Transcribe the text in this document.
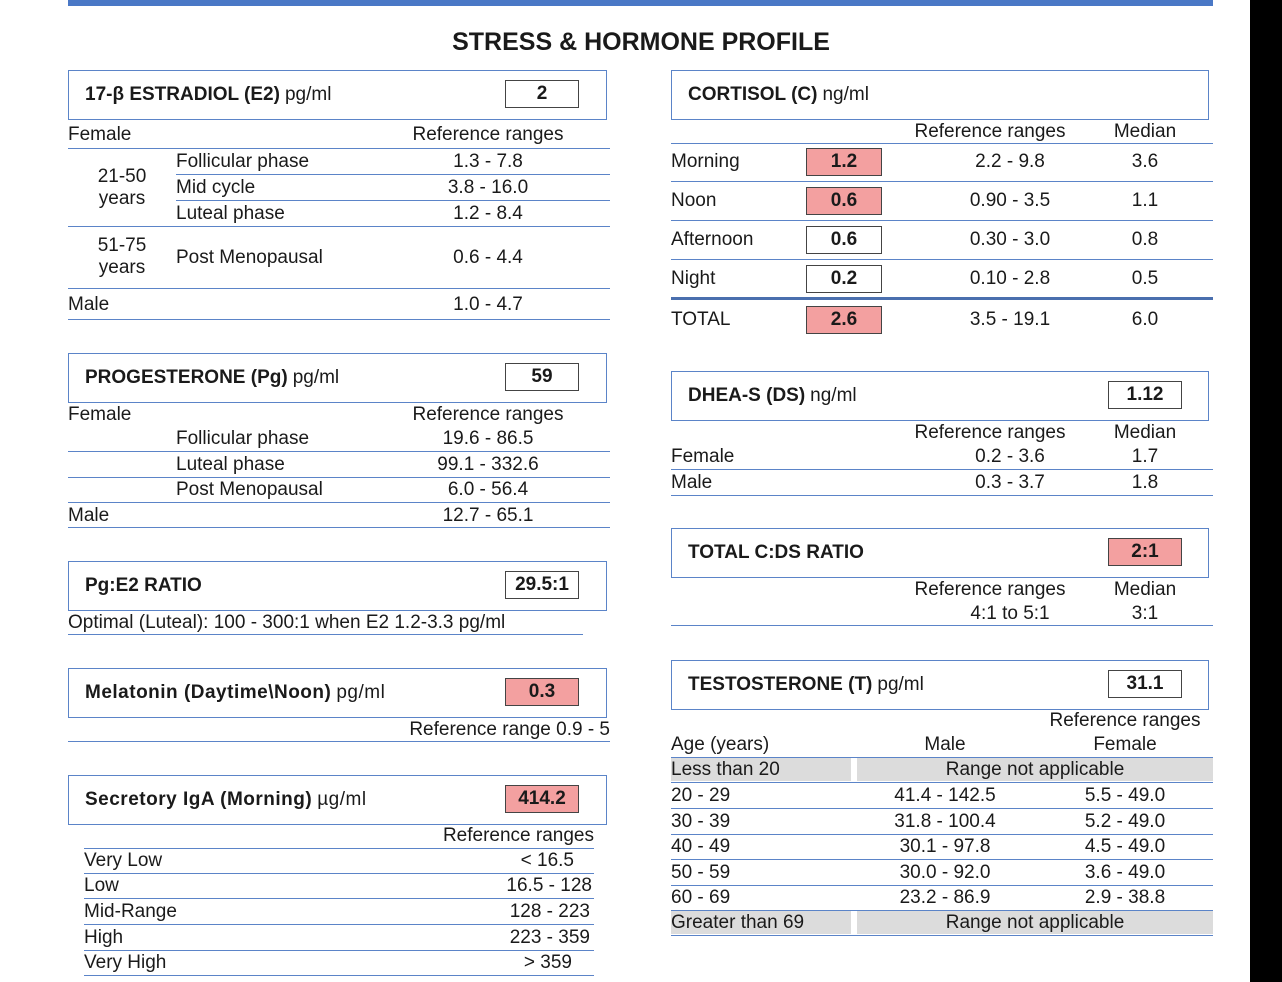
STRESS & HORMONE PROFILE
17-β ESTRADIOL (E2) pg/ml	2
Female	Reference ranges
21-50
years
Follicular phase	1.3 - 7.8
Mid cycle	3.8 - 16.0
Luteal phase	1.2 - 8.4
51-75
years	Post Menopausal	0.6 - 4.4
Male	1.0 - 4.7
PROGESTERONE (Pg) pg/ml	59
Female	Reference ranges
Follicular phase	19.6 - 86.5
Luteal phase	99.1 - 332.6
Post Menopausal	6.0 - 56.4
Male	12.7 - 65.1
Pg:E2 RATIO	29.5:1
Optimal (Luteal): 100 - 300:1 when E2 1.2-3.3 pg/ml
Melatonin (Daytime\Noon) pg/ml	0.3
Reference range 0.9 - 5
Secretory IgA (Morning) µg/ml	414.2
Reference ranges
Very Low	< 16.5
Low	16.5 - 128
Mid-Range	128 - 223
High	223 - 359
Very High	> 359
CORTISOL (C) ng/ml
Reference ranges	Median
Morning	1.2	2.2 - 9.8	3.6
Noon	0.6	0.90 - 3.5	1.1
Afternoon	0.6	0.30 - 3.0	0.8
Night	0.2	0.10 - 2.8	0.5
TOTAL	2.6	3.5 - 19.1	6.0
DHEA-S (DS) ng/ml	1.12
Reference ranges	Median
Female	0.2 - 3.6	1.7
Male	0.3 - 3.7	1.8
TOTAL C:DS RATIO	2:1
Reference ranges	Median
4:1 to 5:1	3:1
TESTOSTERONE (T) pg/ml	31.1
Reference ranges
Age (years)	Male	Female
Less than 20	Range not applicable
20 - 29	41.4 - 142.5	5.5 - 49.0
30 - 39	31.8 - 100.4	5.2 - 49.0
40 - 49	30.1 - 97.8	4.5 - 49.0
50 - 59	30.0 - 92.0	3.6 - 49.0
60 - 69	23.2 - 86.9	2.9 - 38.8
Greater than 69	Range not applicable
